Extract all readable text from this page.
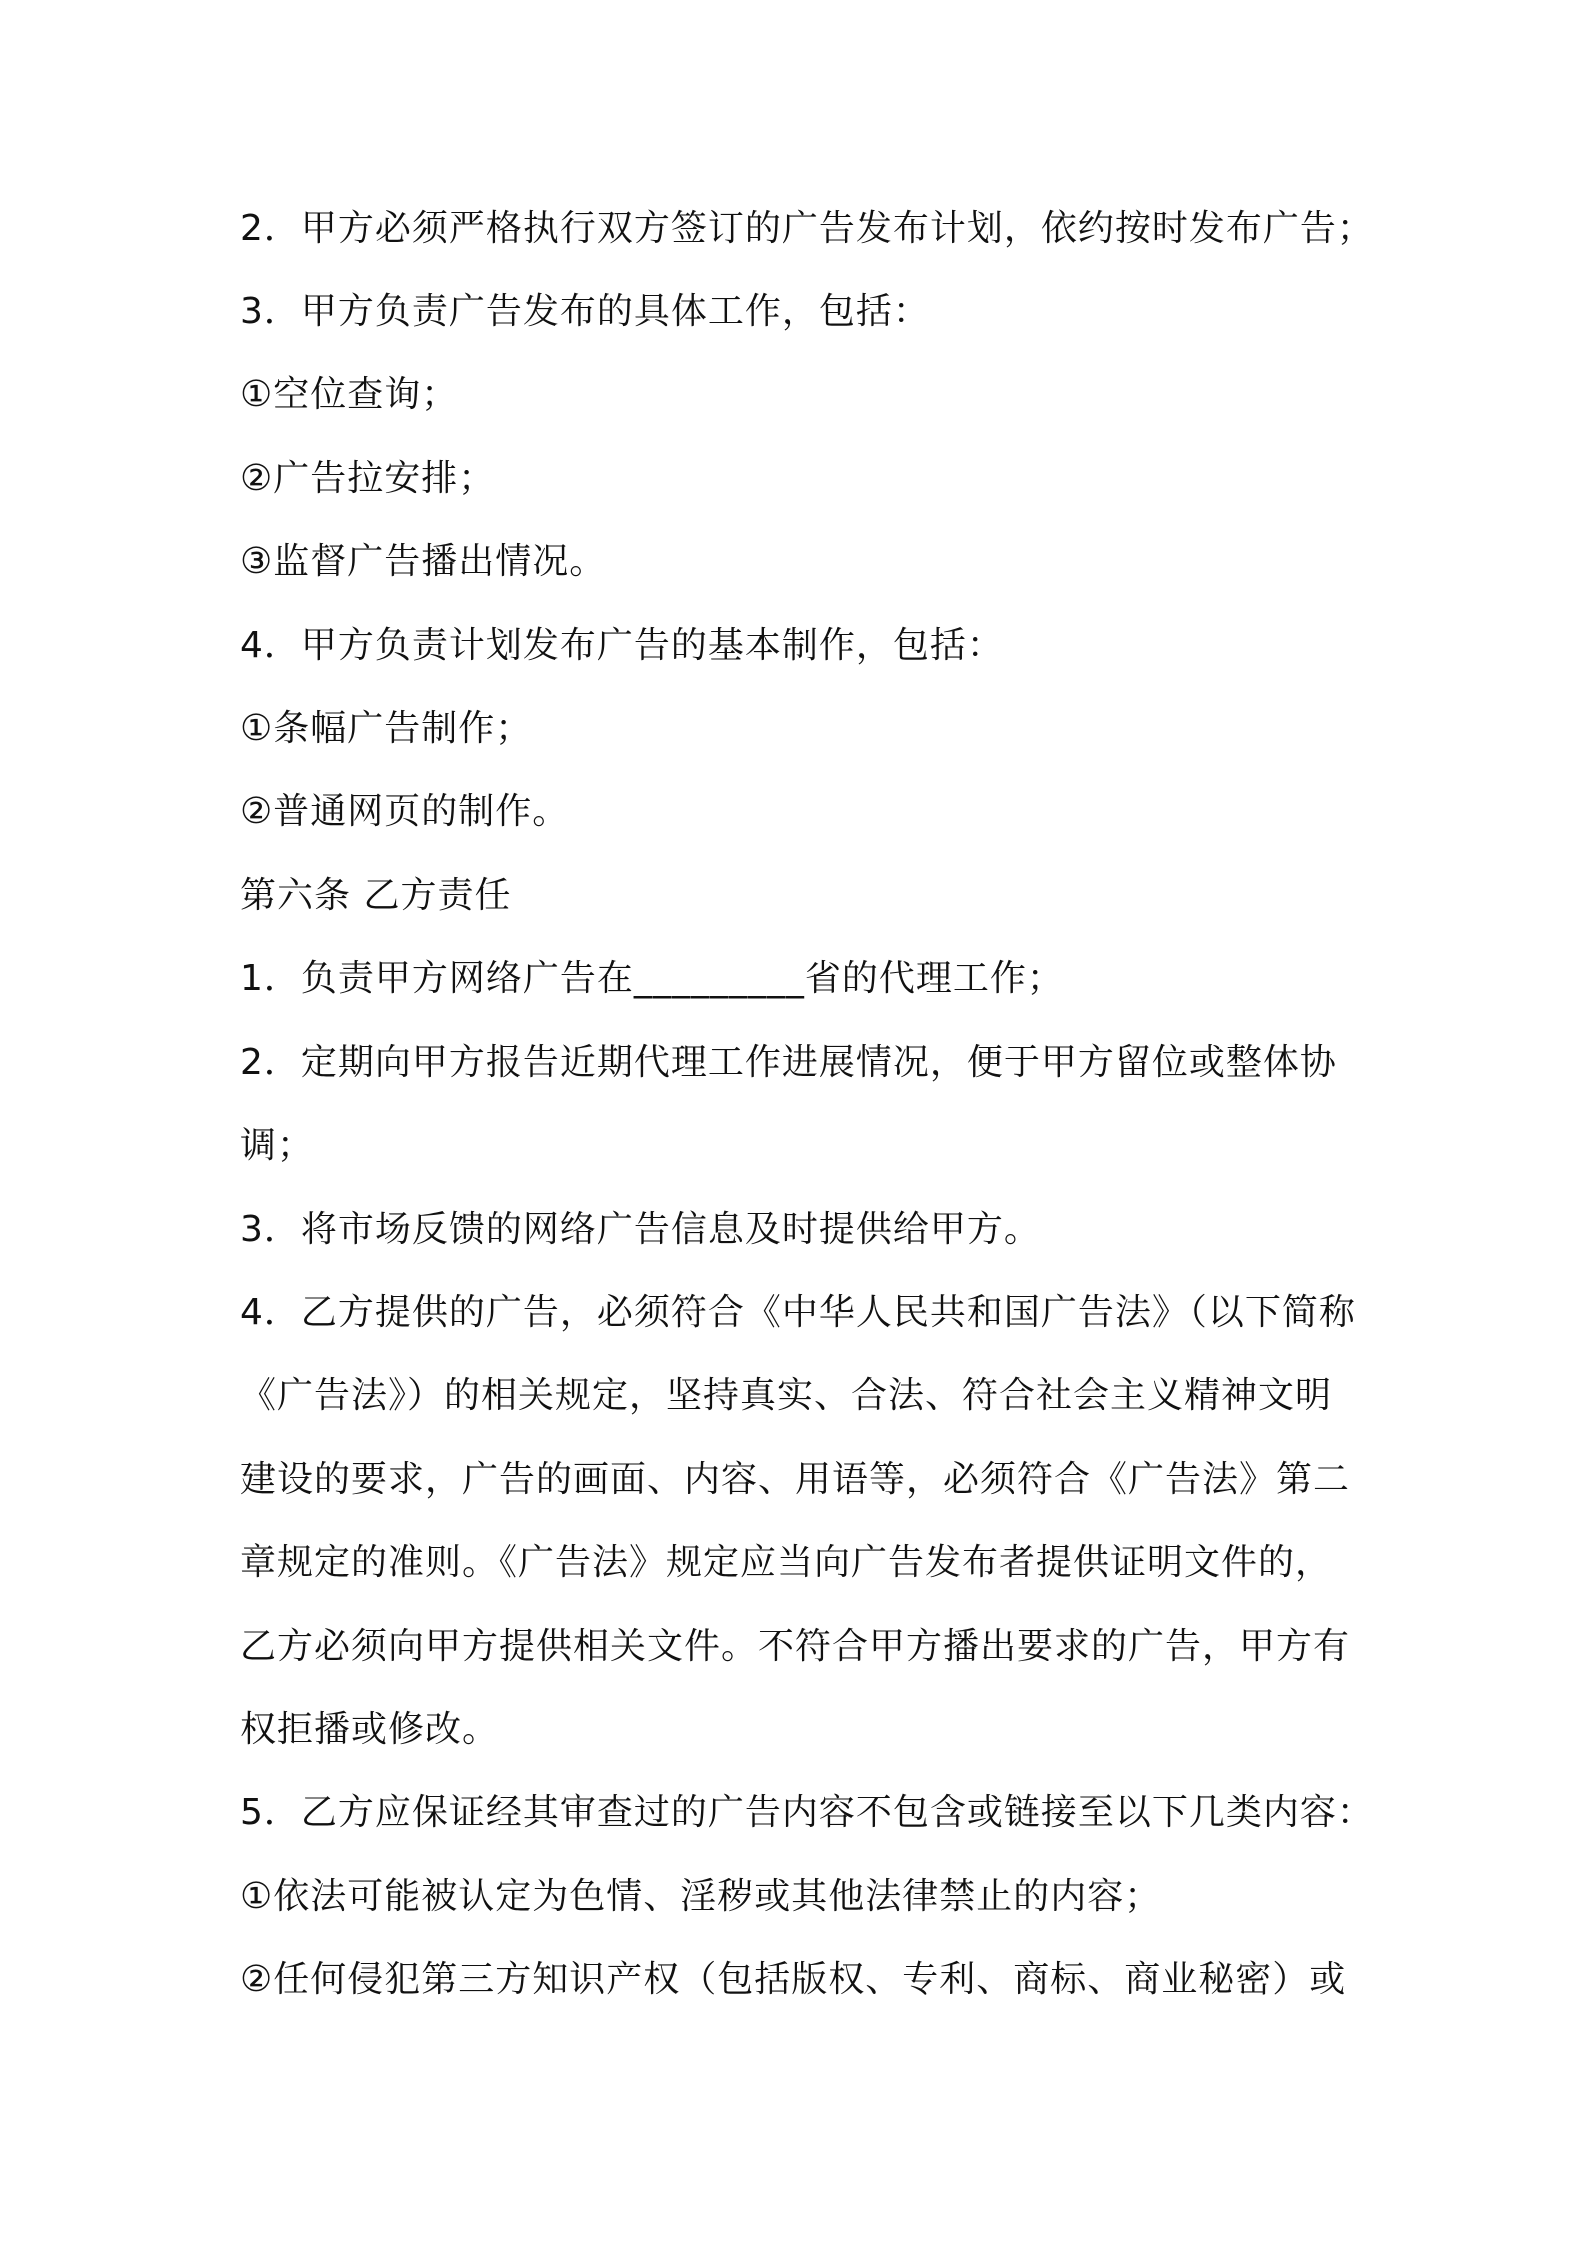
2．甲方必须严格执行双方签订的广告发布计划，依约按时发布广告；
3．甲方负责广告发布的具体工作，包括：
①空位查询；
②广告拉安排；
③监督广告播出情况。
4．甲方负责计划发布广告的基本制作，包括：
①条幅广告制作；
②普通网页的制作。
第六条 乙方责任
1．负责甲方网络广告在_________省的代理工作；
2．定期向甲方报告近期代理工作进展情况，便于甲方留位或整体协
调；
3．将市场反馈的网络广告信息及时提供给甲方。
4．乙方提供的广告，必须符合《中华人民共和国广告法》（以下简称
《广告法》）的相关规定，坚持真实、合法、符合社会主义精神文明
建设的要求，广告的画面、内容、用语等，必须符合《广告法》第二
章规定的准则。《广告法》规定应当向广告发布者提供证明文件的，
乙方必须向甲方提供相关文件。不符合甲方播出要求的广告，甲方有
权拒播或修改。
5．乙方应保证经其审查过的广告内容不包含或链接至以下几类内容：
①依法可能被认定为色情、淫秽或其他法律禁止的内容；
②任何侵犯第三方知识产权（包括版权、专利、商标、商业秘密）或
